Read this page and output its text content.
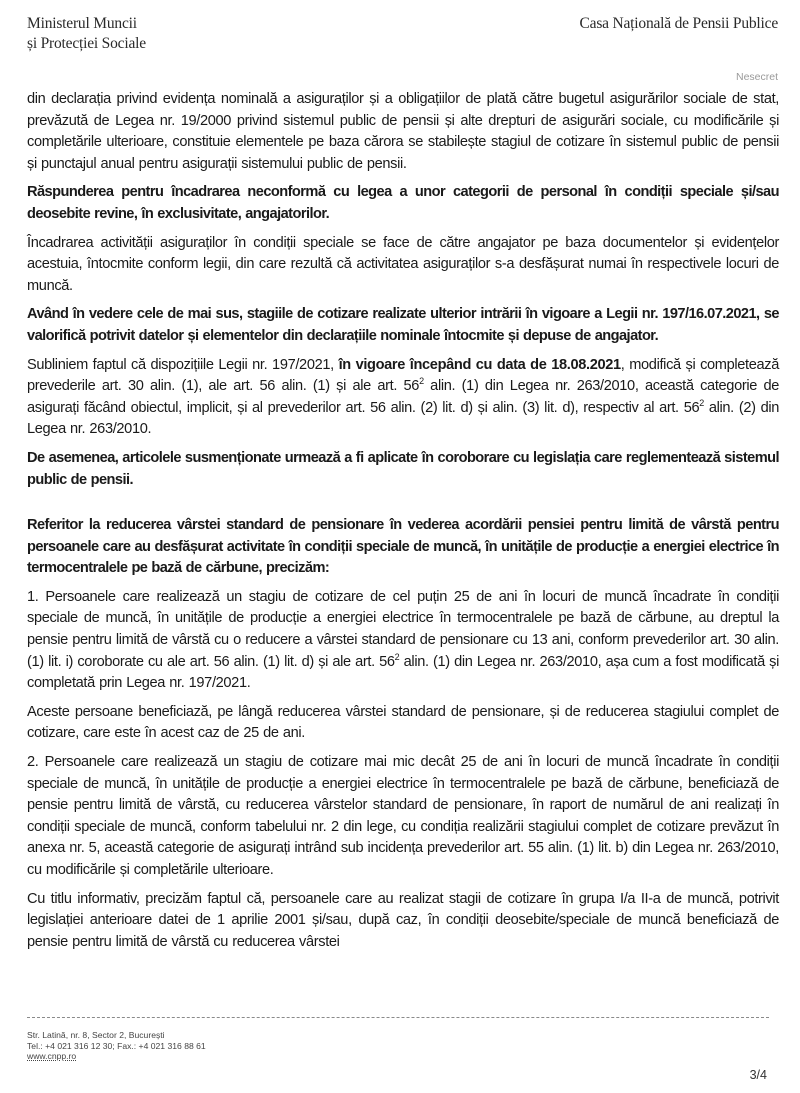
Ministerul Muncii
și Protecției Sociale
Casa Națională de Pensii Publice
Nesecret

din declarația privind evidența nominală a asiguraților și a obligațiilor de plată către bugetul asigurărilor sociale de stat, prevăzută de Legea nr. 19/2000 privind sistemul public de pensii și alte drepturi de asigurări sociale, cu modificările și completările ulterioare, constituie elementele pe baza cărora se stabilește stagiul de cotizare în sistemul public de pensii și punctajul anual pentru asigurații sistemului public de pensii.

Răspunderea pentru încadrarea neconformă cu legea a unor categorii de personal în condiții speciale și/sau deosebite revine, în exclusivitate, angajatorilor.

Încadrarea activității asiguraților în condiții speciale se face de către angajator pe baza documentelor și evidențelor acestuia, întocmite conform legii, din care rezultă că activitatea asiguraților s-a desfășurat numai în respectivele locuri de muncă.

Având în vedere cele de mai sus, stagiile de cotizare realizate ulterior intrării în vigoare a Legii nr. 197/16.07.2021, se valorifică potrivit datelor și elementelor din declarațiile nominale întocmite și depuse de angajator.

Subliniem faptul că dispozițiile Legii nr. 197/2021, în vigoare începând cu data de 18.08.2021, modifică și completează prevederile art. 30 alin. (1), ale art. 56 alin. (1) și ale art. $56^2$ alin. (1) din Legea nr. 263/2010, această categorie de asigurați făcând obiectul, implicit, și al prevederilor art. 56 alin. (2) lit. d) și alin. (3) lit. d), respectiv al art. $56^2$ alin. (2) din Legea nr. 263/2010.

De asemenea, articolele susmenționate urmează a fi aplicate în coroborare cu legislația care reglementează sistemul public de pensii.

Referitor la reducerea vârstei standard de pensionare în vederea acordării pensiei pentru limită de vârstă pentru persoanele care au desfășurat activitate în condiții speciale de muncă, în unitățile de producție a energiei electrice în termocentralele pe bază de cărbune, precizăm:

1. Persoanele care realizează un stagiu de cotizare de cel puțin 25 de ani în locuri de muncă încadrate în condiții speciale de muncă, în unitățile de producție a energiei electrice în termocentralele pe bază de cărbune, au dreptul la pensie pentru limită de vârstă cu o reducere a vârstei standard de pensionare cu 13 ani, conform prevederilor art. 30 alin. (1) lit. i) coroborate cu ale art. 56 alin. (1) lit. d) și ale art. $56^2$ alin. (1) din Legea nr. 263/2010, așa cum a fost modificată și completată prin Legea nr. 197/2021.

Aceste persoane beneficiază, pe lângă reducerea vârstei standard de pensionare, și de reducerea stagiului complet de cotizare, care este în acest caz de 25 de ani.

2. Persoanele care realizează un stagiu de cotizare mai mic decât 25 de ani în locuri de muncă încadrate în condiții speciale de muncă, în unitățile de producție a energiei electrice în termocentralele pe bază de cărbune, beneficiază de pensie pentru limită de vârstă, cu reducerea vârstelor standard de pensionare, în raport de numărul de ani realizați în condiții speciale de muncă, conform tabelului nr. 2 din lege, cu condiția realizării stagiului complet de cotizare prevăzut în anexa nr. 5, această categorie de asigurați intrând sub incidența prevederilor art. 55 alin. (1) lit. b) din Legea nr. 263/2010, cu modificările și completările ulterioare.

Cu titlu informativ, precizăm faptul că, persoanele care au realizat stagii de cotizare în grupa I/a II-a de muncă, potrivit legislației anterioare datei de 1 aprilie 2001 și/sau, după caz, în condiții deosebite/speciale de muncă beneficiază de pensie pentru limită de vârstă cu reducerea vârstei

Str. Latină, nr. 8, Sector 2, București
Tel.: +4 021 316 12 30; Fax.: +4 021 316 88 61
www.cnpp.ro
3/4
